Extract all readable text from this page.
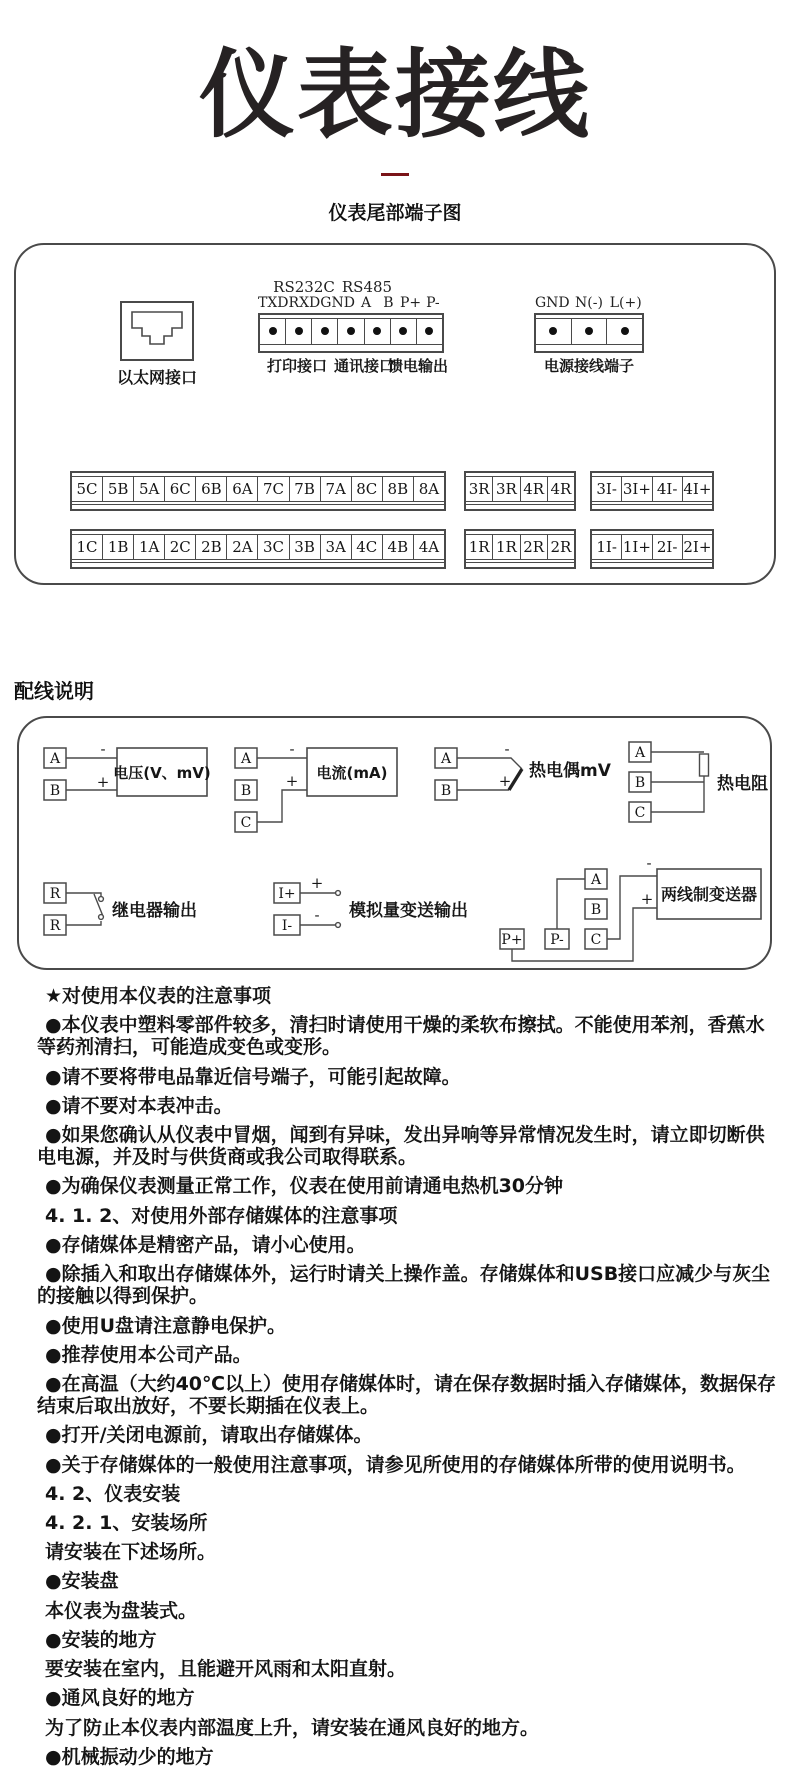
仪表接线
仪表尾部端子图
以太网接口
RS232C RS485
TXD RXD GND A B P+ P-
打印接口 通讯接口
馈电输出
GND N(-) L(+)
电源接线端子
5C 5B 5A 6C 6B 6A 7C 7B 7A 8C 8B 8A	3R 3R 4R 4R 3I- 3I+ 4I- 4I+
1C 1B 1A 2C 2B 2A 3C 3B 3A 4C 4B 4A	1R 1R 2R 2R 1I- 1I+ 2I- 2I+
配线说明
A
B
-
+ 电压(V、mV)
A
B
C
-
+ 电流(mA)
A
B
-
+ 热电偶mV
A
B
C
热电阻
R
R
继电器输出
I+
I-
+
- 模拟量变送输出
A
B
C
P+ P-
-
+ 两线制变送器

★对使用本仪表的注意事项

●本仪表中塑料零部件较多，清扫时请使用干燥的柔软布擦拭。不能使用苯剂，香蕉水等药剂清扫，可能造成变色或变形。

●请不要将带电品靠近信号端子，可能引起故障。

●请不要对本表冲击。

●如果您确认从仪表中冒烟，闻到有异味，发出异响等异常情况发生时，请立即切断供电电源，并及时与供货商或我公司取得联系。

●为确保仪表测量正常工作，仪表在使用前请通电热机30分钟

4. 1. 2、对使用外部存储媒体的注意事项

●存储媒体是精密产品，请小心使用。

●除插入和取出存储媒体外，运行时请关上操作盖。存储媒体和USB接口应减少与灰尘的接触以得到保护。

●使用U盘请注意静电保护。

●推荐使用本公司产品。

●在高温（大约40℃以上）使用存储媒体时，请在保存数据时插入存储媒体，数据保存结束后取出放好，不要长期插在仪表上。

●打开/关闭电源前，请取出存储媒体。

●关于存储媒体的一般使用注意事项，请参见所使用的存储媒体所带的使用说明书。

4. 2、仪表安装

4. 2. 1、安装场所

请安装在下述场所。

●安装盘

本仪表为盘装式。

●安装的地方

要安装在室内，且能避开风雨和太阳直射。

●通风良好的地方

为了防止本仪表内部温度上升，请安装在通风良好的地方。

●机械振动少的地方
